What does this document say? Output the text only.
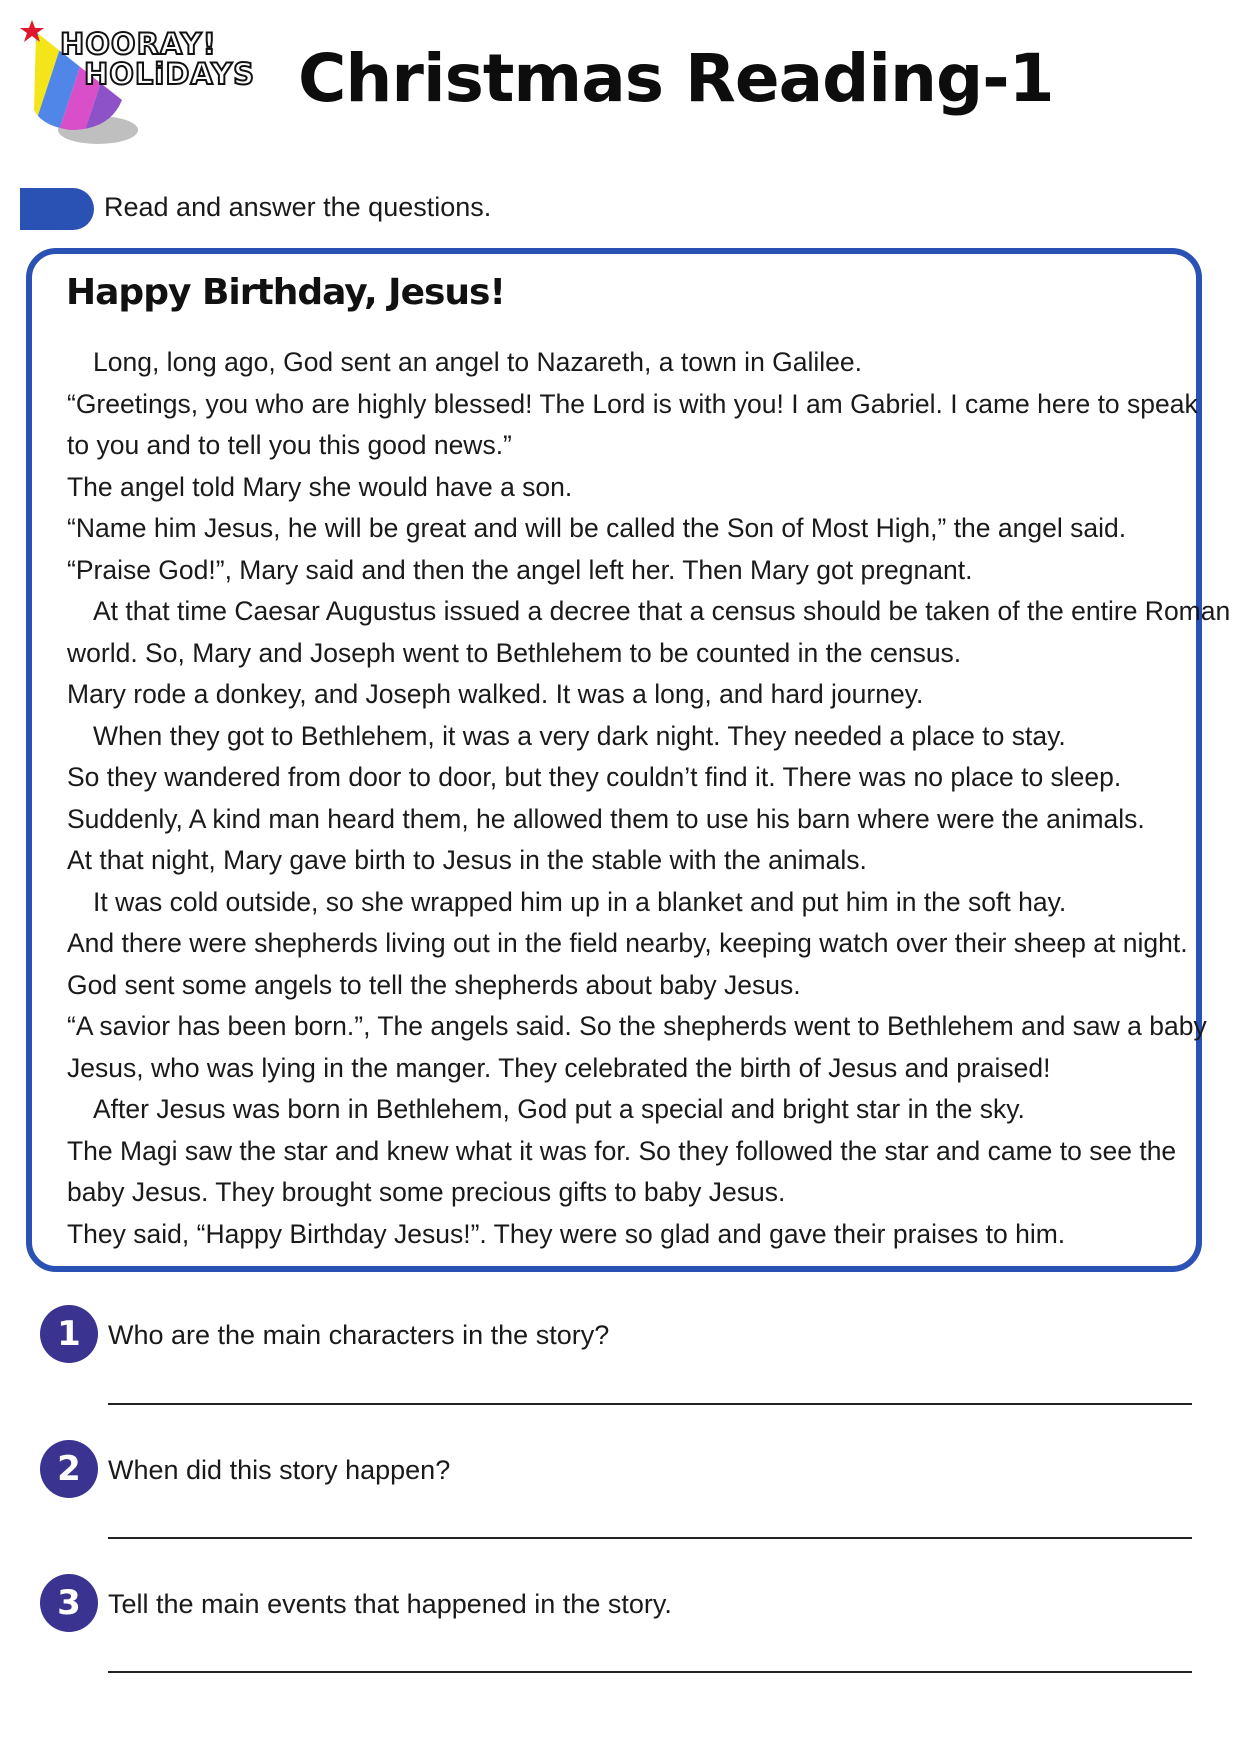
HOORAY!
HOLiDAYS Christmas Reading-1
Read and answer the questions.
Happy Birthday, Jesus!
Long, long ago, God sent an angel to Nazareth, a town in Galilee.
“Greetings, you who are highly blessed! The Lord is with you! I am Gabriel. I came here to speak
to you and to tell you this good news.”
The angel told Mary she would have a son.
“Name him Jesus, he will be great and will be called the Son of Most High,” the angel said.
“Praise God!”, Mary said and then the angel left her. Then Mary got pregnant.
At that time Caesar Augustus issued a decree that a census should be taken of the entire Roman
world. So, Mary and Joseph went to Bethlehem to be counted in the census.
Mary rode a donkey, and Joseph walked. It was a long, and hard journey.
When they got to Bethlehem, it was a very dark night. They needed a place to stay.
So they wandered from door to door, but they couldn’t find it. There was no place to sleep.
Suddenly, A kind man heard them, he allowed them to use his barn where were the animals.
At that night, Mary gave birth to Jesus in the stable with the animals.
It was cold outside, so she wrapped him up in a blanket and put him in the soft hay.
And there were shepherds living out in the field nearby, keeping watch over their sheep at night.
God sent some angels to tell the shepherds about baby Jesus.
“A savior has been born.”, The angels said. So the shepherds went to Bethlehem and saw a baby
Jesus, who was lying in the manger. They celebrated the birth of Jesus and praised!
After Jesus was born in Bethlehem, God put a special and bright star in the sky.
The Magi saw the star and knew what it was for. So they followed the star and came to see the
baby Jesus. They brought some precious gifts to baby Jesus.
They said, “Happy Birthday Jesus!”. They were so glad and gave their praises to him.
1	Who are the main characters in the story?
2	When did this story happen?
3	Tell the main events that happened in the story.
